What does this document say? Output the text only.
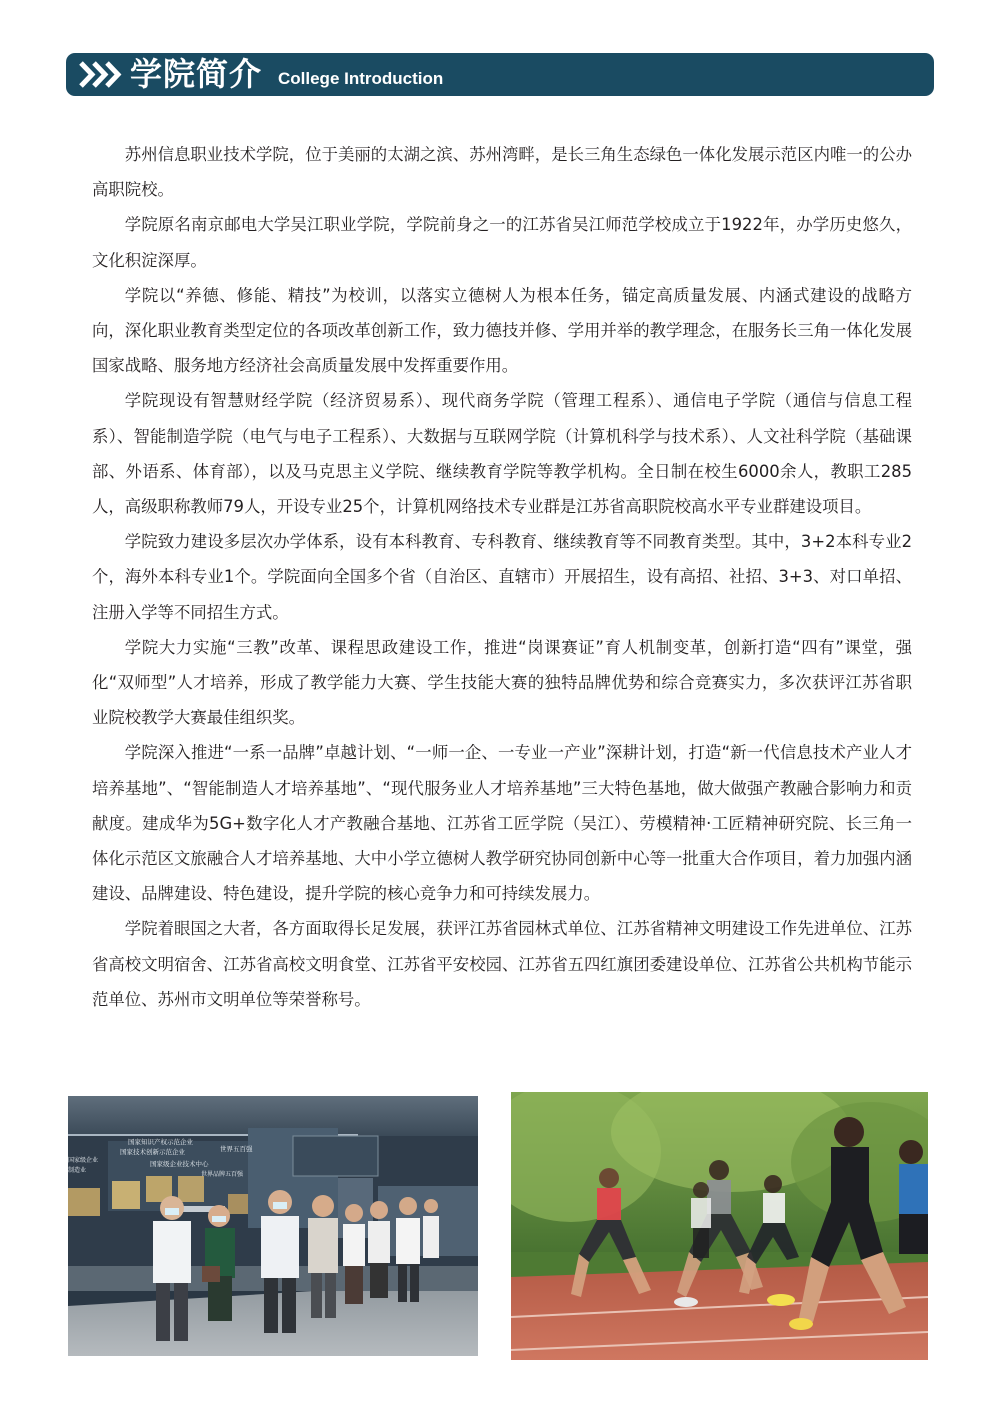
学院简介 College Introduction

苏州信息职业技术学院，位于美丽的太湖之滨、苏州湾畔，是长三角生态绿色一体化发展示范区内唯一的公办高职院校。

学院原名南京邮电大学吴江职业学院，学院前身之一的江苏省吴江师范学校成立于1922年，办学历史悠久，文化积淀深厚。

学院以“养德、修能、精技”为校训，以落实立德树人为根本任务，锚定高质量发展、内涵式建设的战略方向，深化职业教育类型定位的各项改革创新工作，致力德技并修、学用并举的教学理念，在服务长三角一体化发展国家战略、服务地方经济社会高质量发展中发挥重要作用。

学院现设有智慧财经学院（经济贸易系）、现代商务学院（管理工程系）、通信电子学院（通信与信息工程系）、智能制造学院（电气与电子工程系）、大数据与互联网学院（计算机科学与技术系）、人文社科学院（基础课部、外语系、体育部），以及马克思主义学院、继续教育学院等教学机构。全日制在校生6000余人，教职工285人，高级职称教师79人，开设专业25个，计算机网络技术专业群是江苏省高职院校高水平专业群建设项目。

学院致力建设多层次办学体系，设有本科教育、专科教育、继续教育等不同教育类型。其中，3+2本科专业2个，海外本科专业1个。学院面向全国多个省（自治区、直辖市）开展招生，设有高招、社招、3+3、对口单招、注册入学等不同招生方式。

学院大力实施“三教”改革、课程思政建设工作，推进“岗课赛证”育人机制变革，创新打造“四有”课堂，强化“双师型”人才培养，形成了教学能力大赛、学生技能大赛的独特品牌优势和综合竞赛实力，多次获评江苏省职业院校教学大赛最佳组织奖。

学院深入推进“一系一品牌”卓越计划、“一师一企、一专业一产业”深耕计划，打造“新一代信息技术产业人才培养基地”、“智能制造人才培养基地”、“现代服务业人才培养基地”三大特色基地，做大做强产教融合影响力和贡献度。建成华为5G+数字化人才产教融合基地、江苏省工匠学院（吴江）、劳模精神·工匠精神研究院、长三角一体化示范区文旅融合人才培养基地、大中小学立德树人教学研究协同创新中心等一批重大合作项目，着力加强内涵建设、品牌建设、特色建设，提升学院的核心竞争力和可持续发展力。

学院着眼国之大者，各方面取得长足发展，获评江苏省园林式单位、江苏省精神文明建设工作先进单位、江苏省高校文明宿舍、江苏省高校文明食堂、江苏省平安校园、江苏省五四红旗团委建设单位、江苏省公共机构节能示范单位、苏州市文明单位等荣誉称号。

国家知识产权示范企业
国家技术创新示范企业	世界五百强
国家级企业技术中心
世界品牌五百强
国家级企业
制造业
